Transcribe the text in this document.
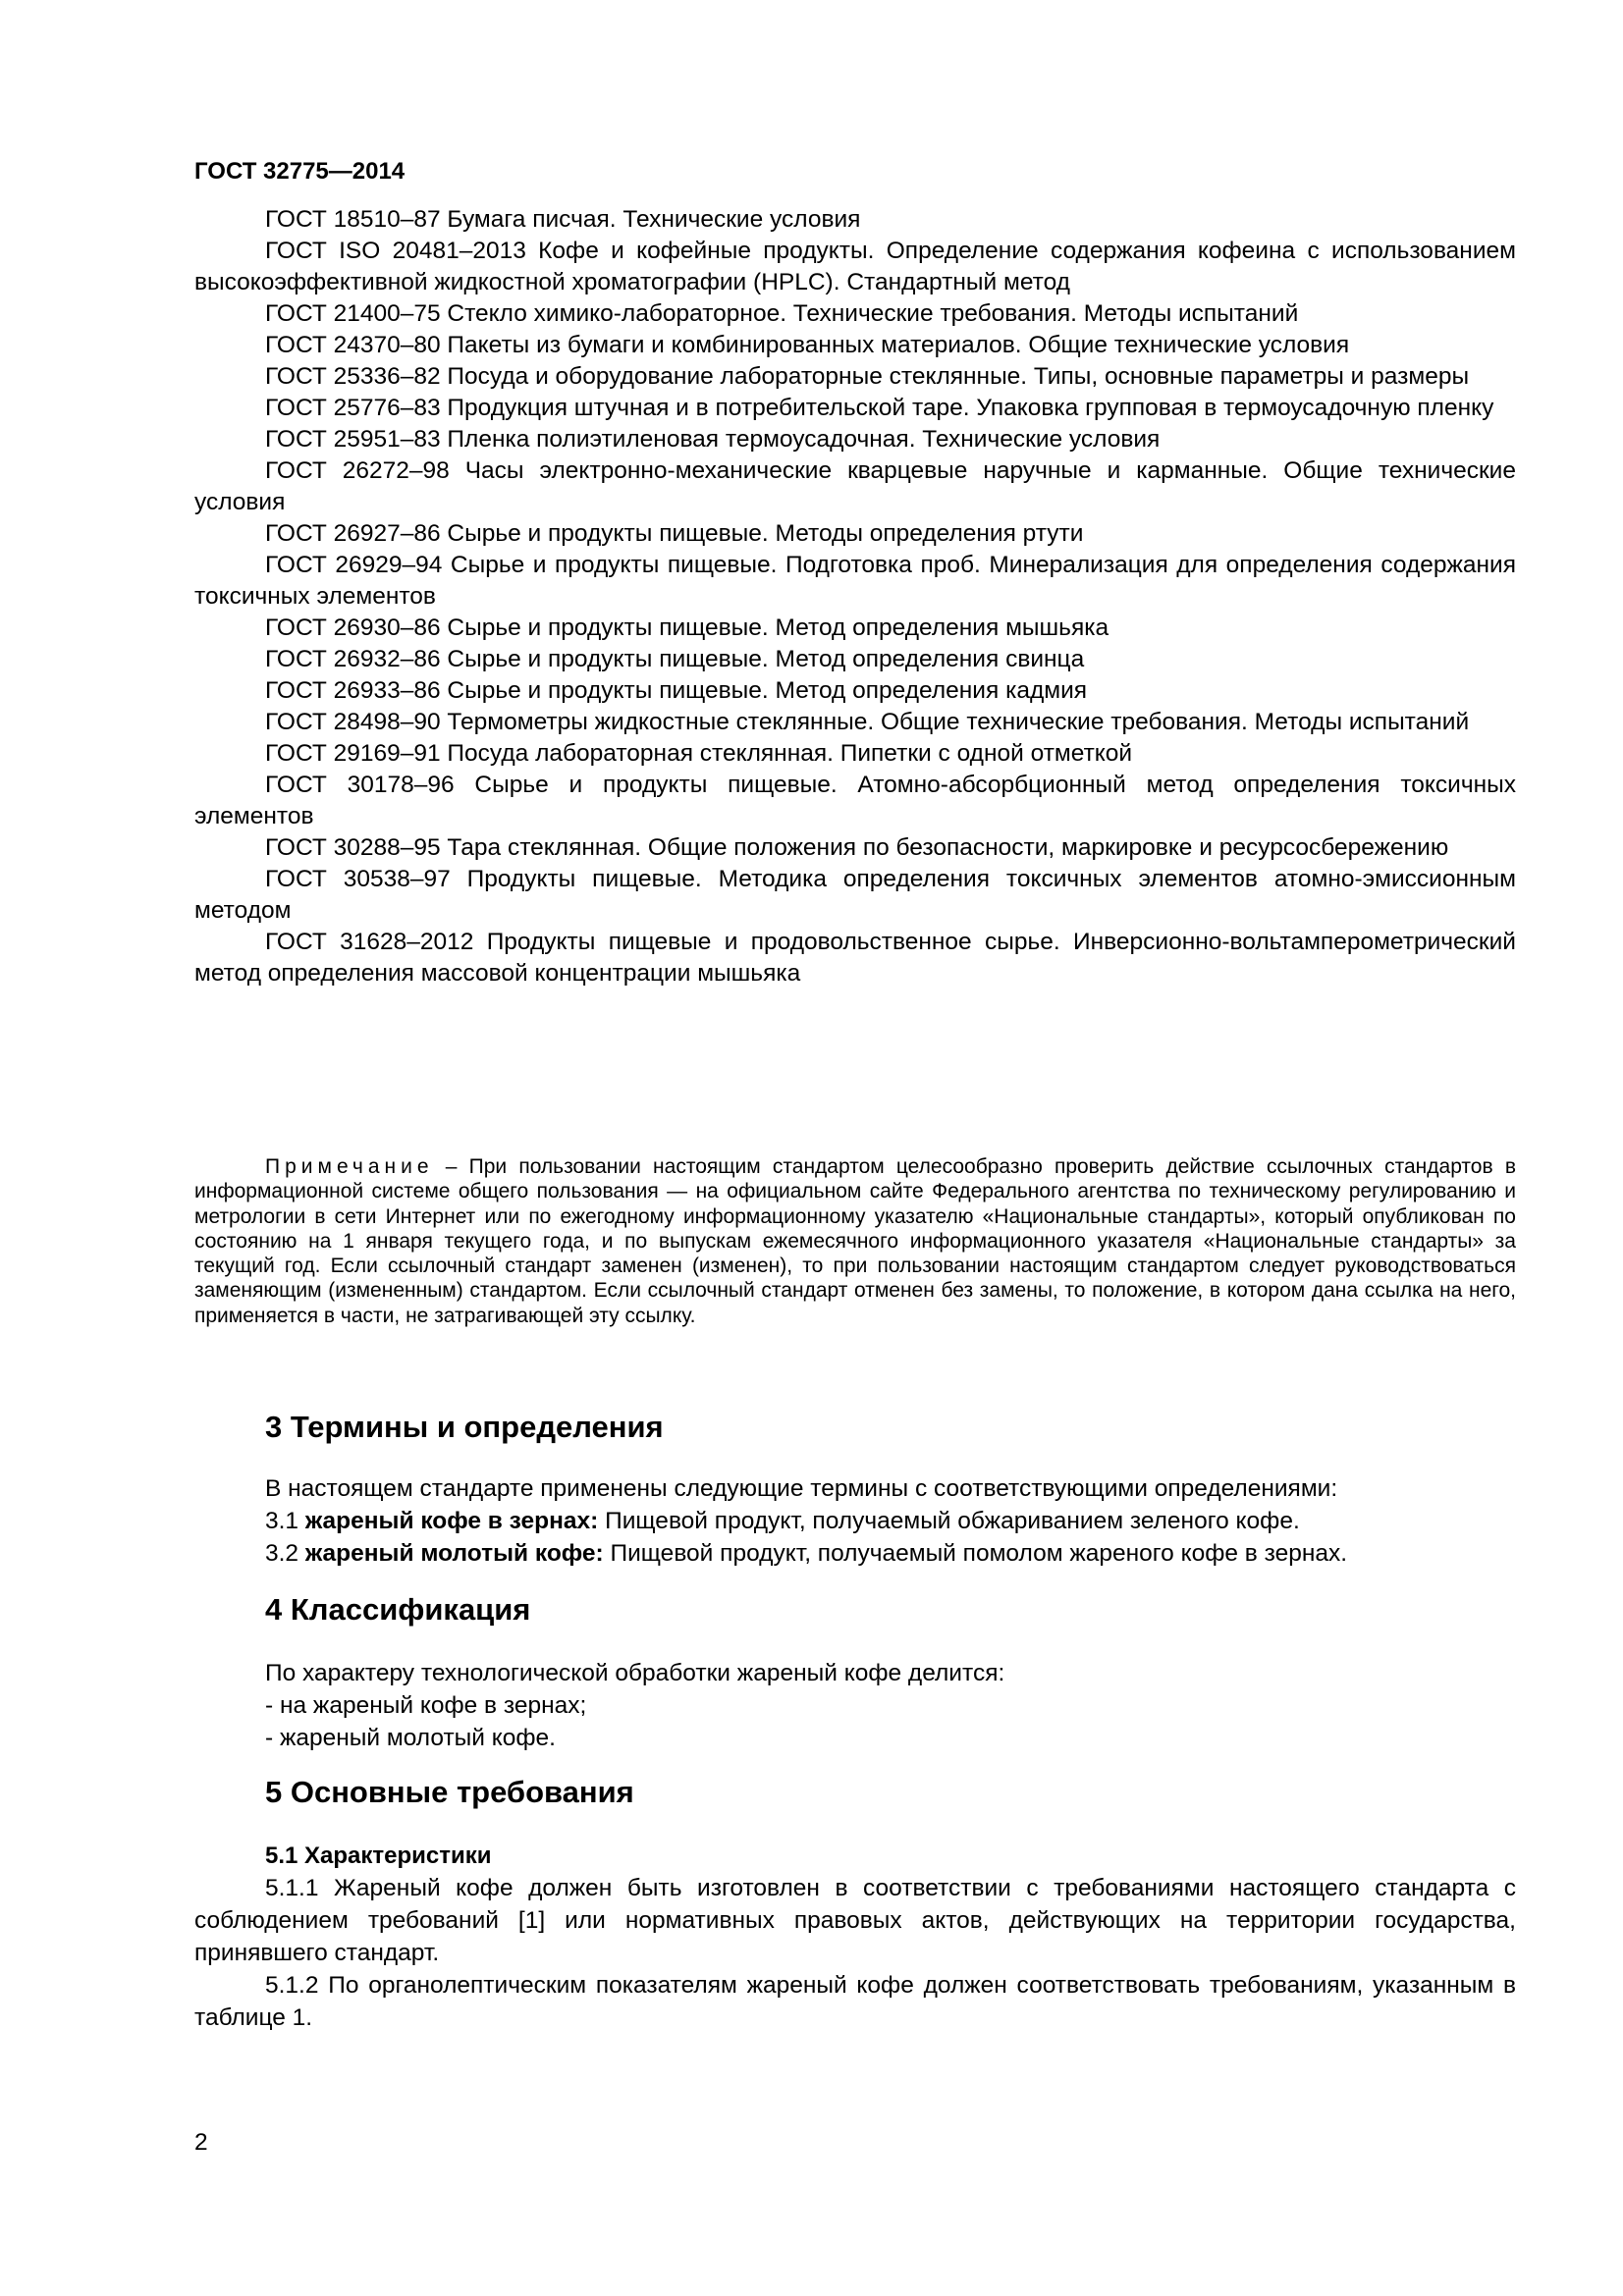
ГОСТ 32775—2014

ГОСТ 18510–87 Бумага писчая. Технические условия

ГОСТ ISO 20481–2013 Кофе и кофейные продукты. Определение содержания кофеина с использованием высокоэффективной жидкостной хроматографии (HPLC). Стандартный метод

ГОСТ 21400–75 Стекло химико-лабораторное. Технические требования. Методы испытаний

ГОСТ 24370–80 Пакеты из бумаги и комбинированных материалов. Общие технические условия

ГОСТ 25336–82 Посуда и оборудование лабораторные стеклянные. Типы, основные параметры и размеры

ГОСТ 25776–83 Продукция штучная и в потребительской таре. Упаковка групповая в термоусадочную пленку

ГОСТ 25951–83 Пленка полиэтиленовая термоусадочная. Технические условия

ГОСТ 26272–98 Часы электронно-механические кварцевые наручные и карманные. Общие технические условия

ГОСТ 26927–86 Сырье и продукты пищевые. Методы определения ртути

ГОСТ 26929–94 Сырье и продукты пищевые. Подготовка проб. Минерализация для определения содержания токсичных элементов

ГОСТ 26930–86 Сырье и продукты пищевые. Метод определения мышьяка

ГОСТ 26932–86 Сырье и продукты пищевые. Метод определения свинца

ГОСТ 26933–86 Сырье и продукты пищевые. Метод определения кадмия

ГОСТ 28498–90 Термометры жидкостные стеклянные. Общие технические требования. Методы испытаний

ГОСТ 29169–91 Посуда лабораторная стеклянная. Пипетки с одной отметкой

ГОСТ 30178–96 Сырье и продукты пищевые. Атомно-абсорбционный метод определения токсичных элементов

ГОСТ 30288–95 Тара стеклянная. Общие положения по безопасности, маркировке и ресурсосбережению

ГОСТ 30538–97 Продукты пищевые. Методика определения токсичных элементов атомно-эмиссионным методом

ГОСТ 31628–2012 Продукты пищевые и продовольственное сырье. Инверсионно-вольтамперометрический метод определения массовой концентрации мышьяка

Примечание – При пользовании настоящим стандартом целесообразно проверить действие ссылочных стандартов в информационной системе общего пользования — на официальном сайте Федерального агентства по техническому регулированию и метрологии в сети Интернет или по ежегодному информационному указателю «Национальные стандарты», который опубликован по состоянию на 1 января текущего года, и по выпускам ежемесячного информационного указателя «Национальные стандарты» за текущий год. Если ссылочный стандарт заменен (изменен), то при пользовании настоящим стандартом следует руководствоваться заменяющим (измененным) стандартом. Если ссылочный стандарт отменен без замены, то положение, в котором дана ссылка на него, применяется в части, не затрагивающей эту ссылку.

3 Термины и определения

В настоящем стандарте применены следующие термины с соответствующими определениями:

3.1 жареный кофе в зернах: Пищевой продукт, получаемый обжариванием зеленого кофе.

3.2 жареный молотый кофе: Пищевой продукт, получаемый помолом жареного кофе в зернах.

4 Классификация

По характеру технологической обработки жареный кофе делится:

- на жареный кофе в зернах;

- жареный молотый кофе.

5 Основные требования

5.1 Характеристики

5.1.1 Жареный кофе должен быть изготовлен в соответствии с требованиями настоящего стандарта с соблюдением требований [1] или нормативных правовых актов, действующих на территории государства, принявшего стандарт.

5.1.2 По органолептическим показателям жареный кофе должен соответствовать требованиям, указанным в таблице 1.

2
